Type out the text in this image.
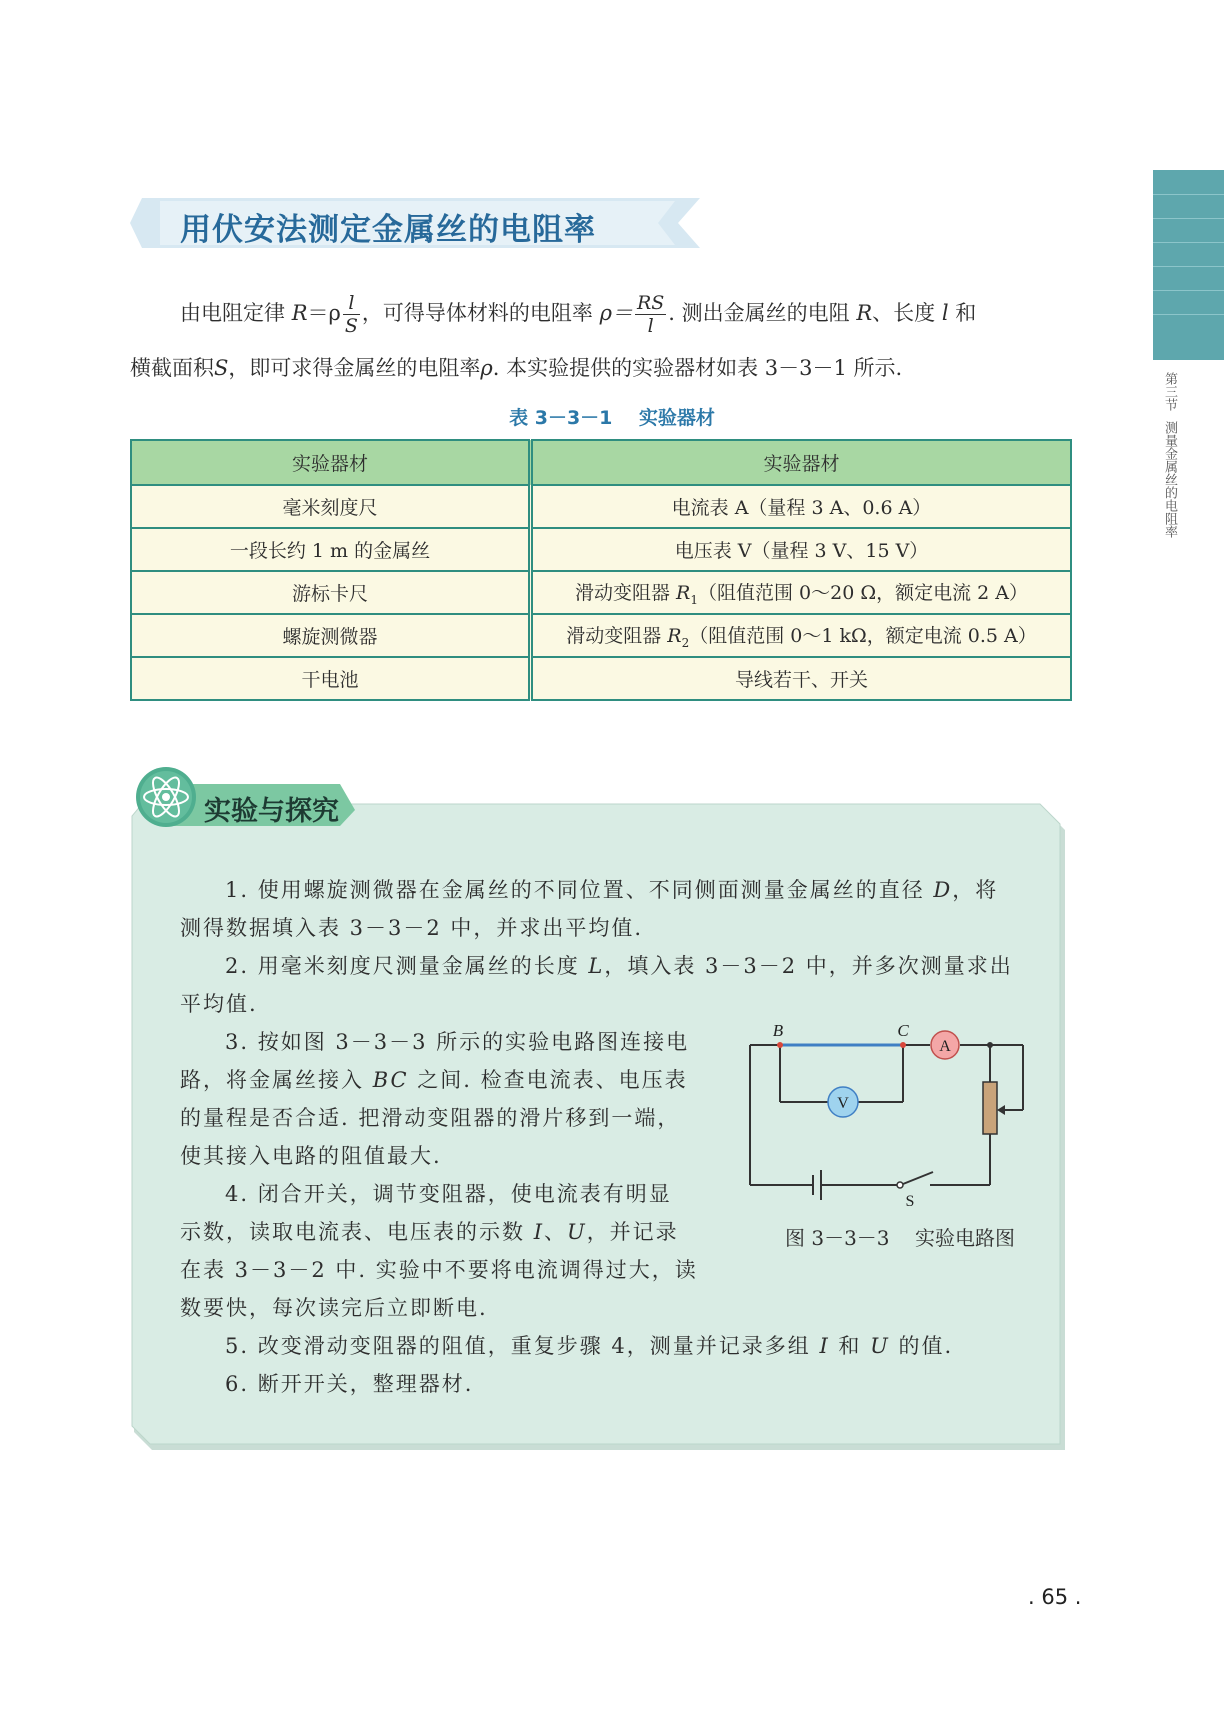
第三节
测量金属丝的电阻率
用伏安法测定金属丝的电阻率
由电阻定律 $R=\rho \frac{l}{S}$ ，可得导体材料的电阻率 $\rho= \frac{RS}{l}$ . 测出金属丝的电阻 R、长度 l 和
横截面积S，即可求得金属丝的电阻率ρ. 本实验提供的实验器材如表 3－3－1 所示.
表 3－3－1    实验器材
实验器材	实验器材
毫米刻度尺	电流表 A（量程 3 A、0.6 A）
一段长约 1 m 的金属丝	电压表 V（量程 3 V、15 V）
游标卡尺	滑动变阻器 $R_1$（阻值范围 0～20 Ω，额定电流 2 A）
螺旋测微器	滑动变阻器 $R_2$（阻值范围 0～1 kΩ，额定电流 0.5 A）
干电池	导线若干、开关
实验与探究
1. 使用螺旋测微器在金属丝的不同位置、不同侧面测量金属丝的直径 D，将
测得数据填入表 3－3－2 中，并求出平均值.
2. 用毫米刻度尺测量金属丝的长度 L，填入表 3－3－2 中，并多次测量求出
平均值.
3. 按如图 3－3－3 所示的实验电路图连接电
路，将金属丝接入 BC 之间. 检查电流表、电压表
的量程是否合适. 把滑动变阻器的滑片移到一端，
使其接入电路的阻值最大.
4. 闭合开关，调节变阻器，使电流表有明显
示数，读取电流表、电压表的示数 I、U，并记录
在表 3－3－2 中. 实验中不要将电流调得过大，读
数要快，每次读完后立即断电.
5. 改变滑动变阻器的阻值，重复步骤 4，测量并记录多组 I 和 U 的值.
6. 断开开关，整理器材.
A
V
B	C
S
图 3－3－3    实验电路图
. 65 .
